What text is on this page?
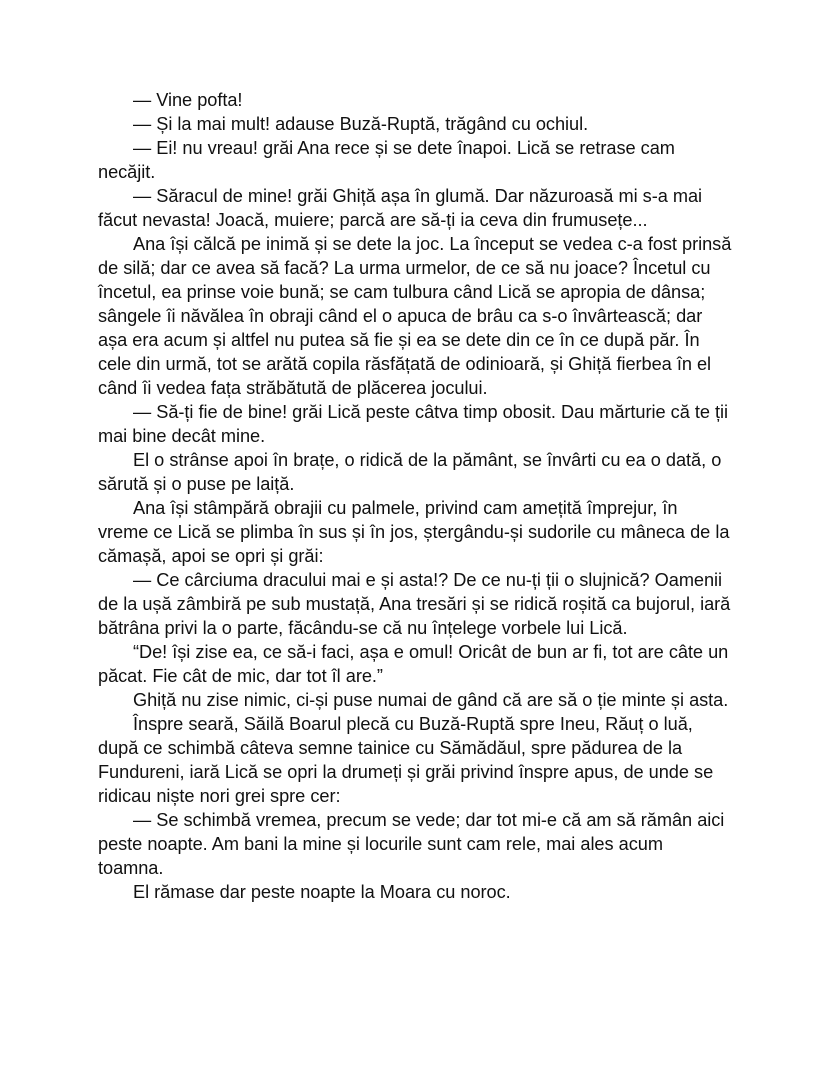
— Vine pofta!

— Și la mai mult! adause Buză-Ruptă, trăgând cu ochiul.

— Ei! nu vreau! grăi Ana rece și se dete înapoi. Lică se retrase cam necăjit.

— Săracul de mine! grăi Ghiță așa în glumă. Dar năzuroasă mi s-a mai făcut nevasta! Joacă, muiere; parcă are să-ți ia ceva din frumusețe...

Ana își călcă pe inimă și se dete la joc. La început se vedea c-a fost prinsă de silă; dar ce avea să facă? La urma urmelor, de ce să nu joace? Încetul cu încetul, ea prinse voie bună; se cam tulbura când Lică se apropia de dânsa; sângele îi năvălea în obraji când el o apuca de brâu ca s-o învârtească; dar așa era acum și altfel nu putea să fie și ea se dete din ce în ce după păr. În cele din urmă, tot se arătă copila răsfățată de odinioară, și Ghiță fierbea în el când îi vedea fața străbătută de plăcerea jocului.

— Să-ți fie de bine! grăi Lică peste câtva timp obosit. Dau mărturie că te ții mai bine decât mine.

El o strânse apoi în brațe, o ridică de la pământ, se învârti cu ea o dată, o sărută și o puse pe laiță.

Ana își stâmpără obrajii cu palmele, privind cam amețită împrejur, în vreme ce Lică se plimba în sus și în jos, ștergându-și sudorile cu mâneca de la cămașă, apoi se opri și grăi:

— Ce cârciuma dracului mai e și asta!? De ce nu-ți ții o slujnică? Oamenii de la ușă zâmbiră pe sub mustață, Ana tresări și se ridică roșită ca bujorul, iară bătrâna privi la o parte, făcându-se că nu înțelege vorbele lui Lică.

“De! își zise ea, ce să-i faci, așa e omul! Oricât de bun ar fi, tot are câte un păcat. Fie cât de mic, dar tot îl are.”

Ghiță nu zise nimic, ci-și puse numai de gând că are să o ție minte și asta.

Înspre seară, Săilă Boarul plecă cu Buză-Ruptă spre Ineu, Răuț o luă, după ce schimbă câteva semne tainice cu Sămădăul, spre pădurea de la Fundureni, iară Lică se opri la drumeți și grăi privind înspre apus, de unde se ridicau niște nori grei spre cer:

— Se schimbă vremea, precum se vede; dar tot mi-e că am să rămân aici peste noapte. Am bani la mine și locurile sunt cam rele, mai ales acum toamna.

El rămase dar peste noapte la Moara cu noroc.
